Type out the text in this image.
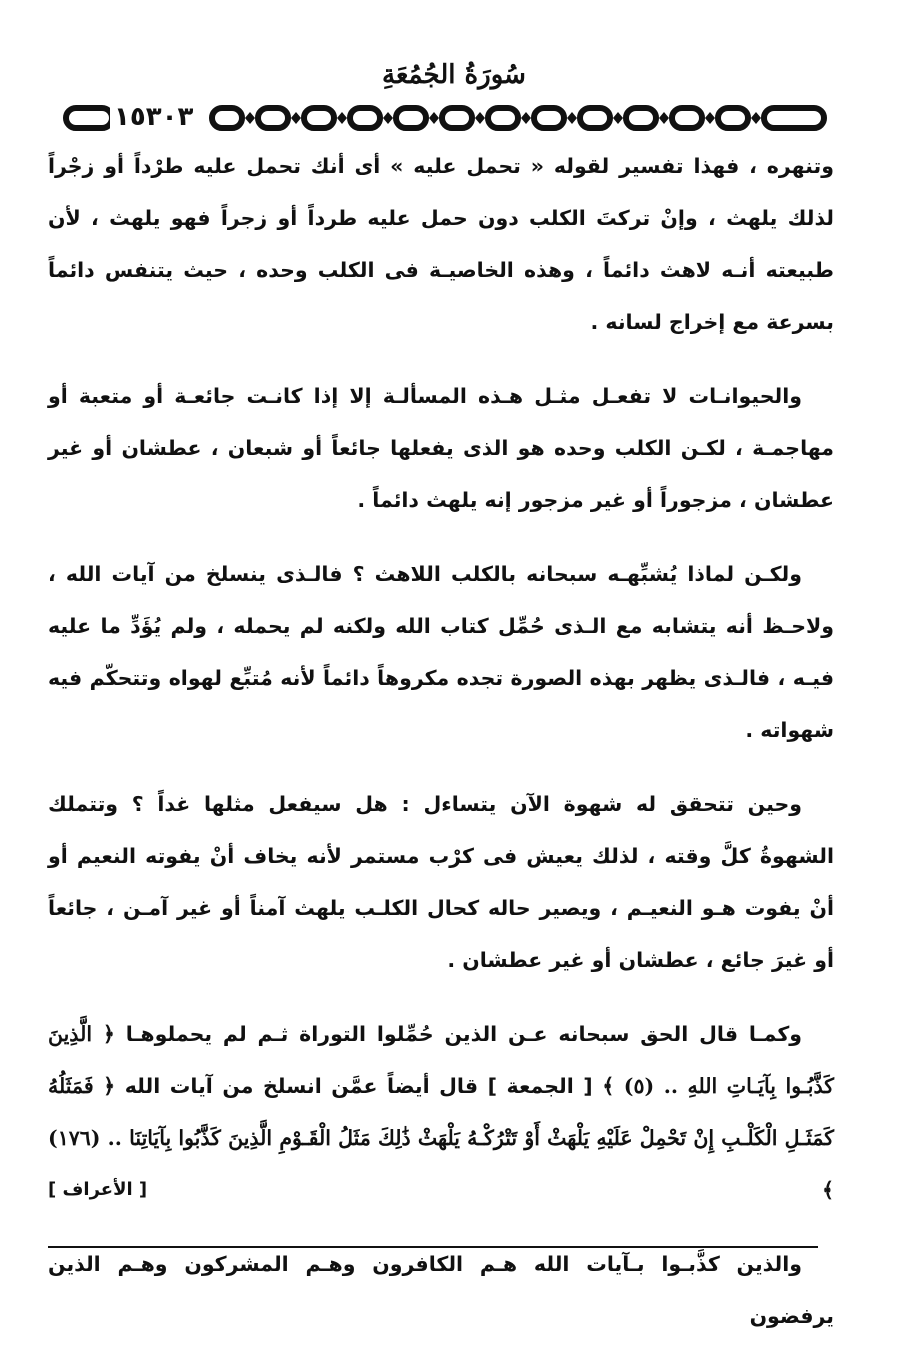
سُورَةُ الجُمُعَةِ
١٥٣٠٣

وتنهره ، فهذا تفسير لقوله « تحمل عليه » أى أنك تحمل عليه طرْداً أو زجْراً لذلك يلهث ، وإنْ تركتَ الكلب دون حمل عليه طرداً أو زجراً فهو يلهث ، لأن طبيعته أنـه لاهث دائماً ، وهذه الخاصيـة فى الكلب وحده ، حيث يتنفس دائماً بسرعة مع إخراج لسانه .

والحيوانـات لا تفعـل مثـل هـذه المسألـة إلا إذا كانـت جائعـة أو متعبة أو مهاجمـة ، لكـن الكلب وحده هو الذى يفعلها جائعاً أو شبعان ، عطشان أو غير عطشان ، مزجوراً أو غير مزجور إنه يلهث دائماً .

ولكـن لماذا يُشبِّهـه سبحانه بالكلب اللاهث ؟ فالـذى ينسلخ من آيات الله ، ولاحـظ أنه يتشابه مع الـذى حُمِّل كتاب الله ولكنه لم يحمله ، ولم يُؤَدِّ ما عليه فيـه ، فالـذى يظهر بهذه الصورة تجده مكروهاً دائماً لأنه مُتبِّع لهواه وتتحكّم فيه شهواته .

وحين تتحقق له شهوة الآن يتساءل : هل سيفعل مثلها غداً ؟ وتتملك الشهوةُ كلَّ وقته ، لذلك يعيش فى كرْب مستمر لأنه يخاف أنْ يفوته النعيم أو أنْ يفوت هـو النعيـم ، ويصير حاله كحال الكلـب يلهث آمناً أو غير آمـن ، جائعاً أو غيرَ جائع ، عطشان أو غير عطشان .

وكمـا قال الحق سبحانه عـن الذين حُمِّلوا التوراة ثـم لم يحملوهـا ﴿ الَّذِينَ كَذَّبُـوا بِآيَـاتِ اللهِ .. (٥) ﴾ [ الجمعة ] قال أيضاً عمَّن انسلخ من آيات الله ﴿ فَمَثَلُهُ كَمَثَـلِ الْكَلْـبِ إِنْ تَحْمِلْ عَلَيْهِ يَلْهَثْ أَوْ تَتْرُكْـهُ يَلْهَثْ ذَٰلِكَ مَثَلُ الْقَـوْمِ الَّذِينَ كَذَّبُوا بِآيَاتِنَا .. (١٧٦) ﴾
[ الأعراف ]

والذين كذَّبـوا بـآيات الله هـم الكافرون وهـم المشركون وهـم الذين يرفضون
